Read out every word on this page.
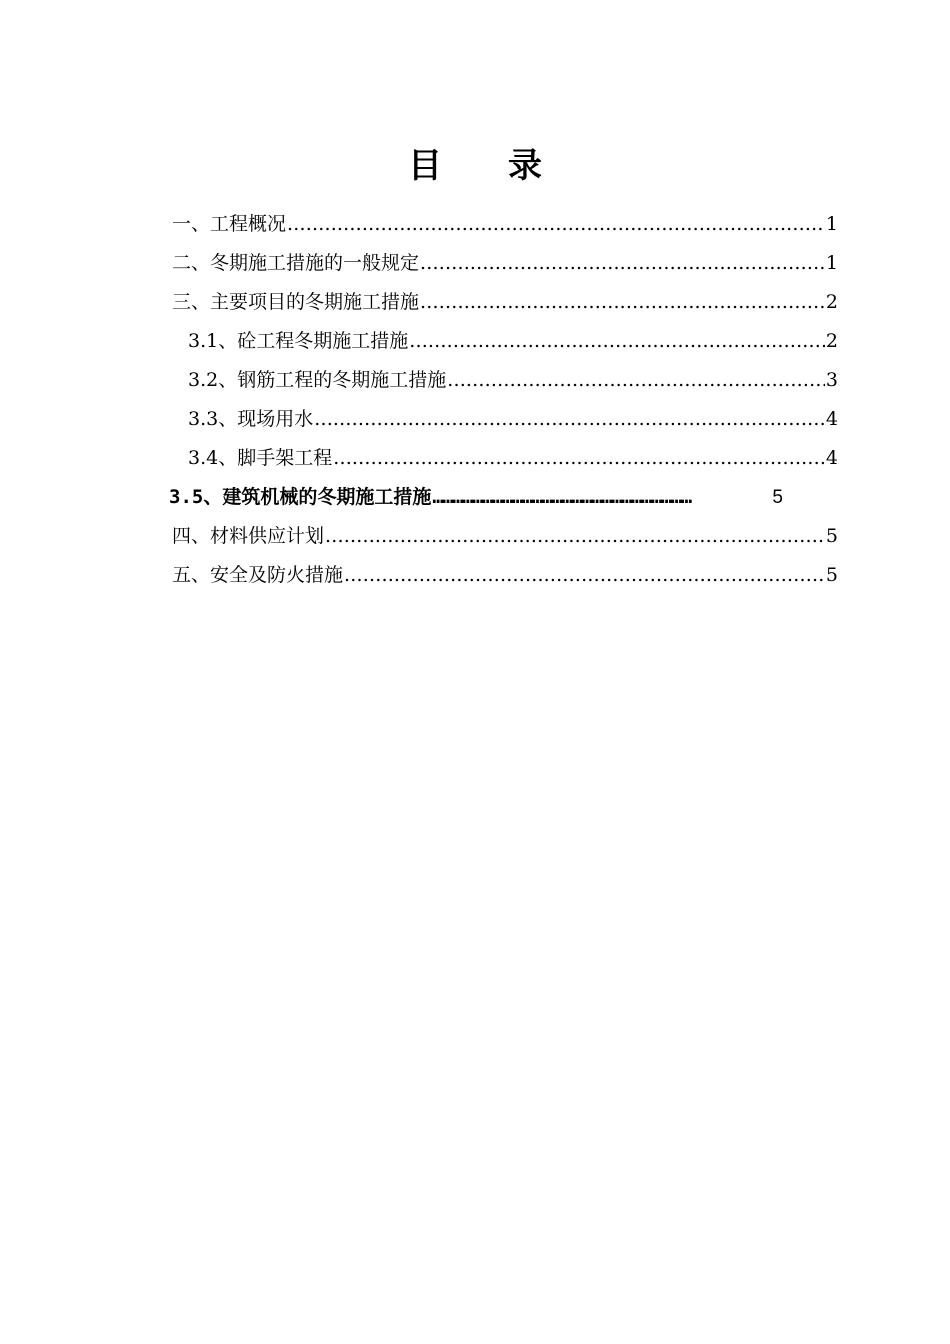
目 录
一、工程概况 .....	1
二、冬期施工措施的一般规定 .....	1
三、主要项目的冬期施工措施 .....	2
3.1、砼工程冬期施工措施 .....	2
3.2、钢筋工程的冬期施工措施 .....	3
3.3、现场用水 .....	4
3.4、脚手架工程 .....	4
3.5、建筑机械的冬期施工措施 ……………………………………………………………………	5
四、材料供应计划 .....	5
五、安全及防火措施 .....	5
